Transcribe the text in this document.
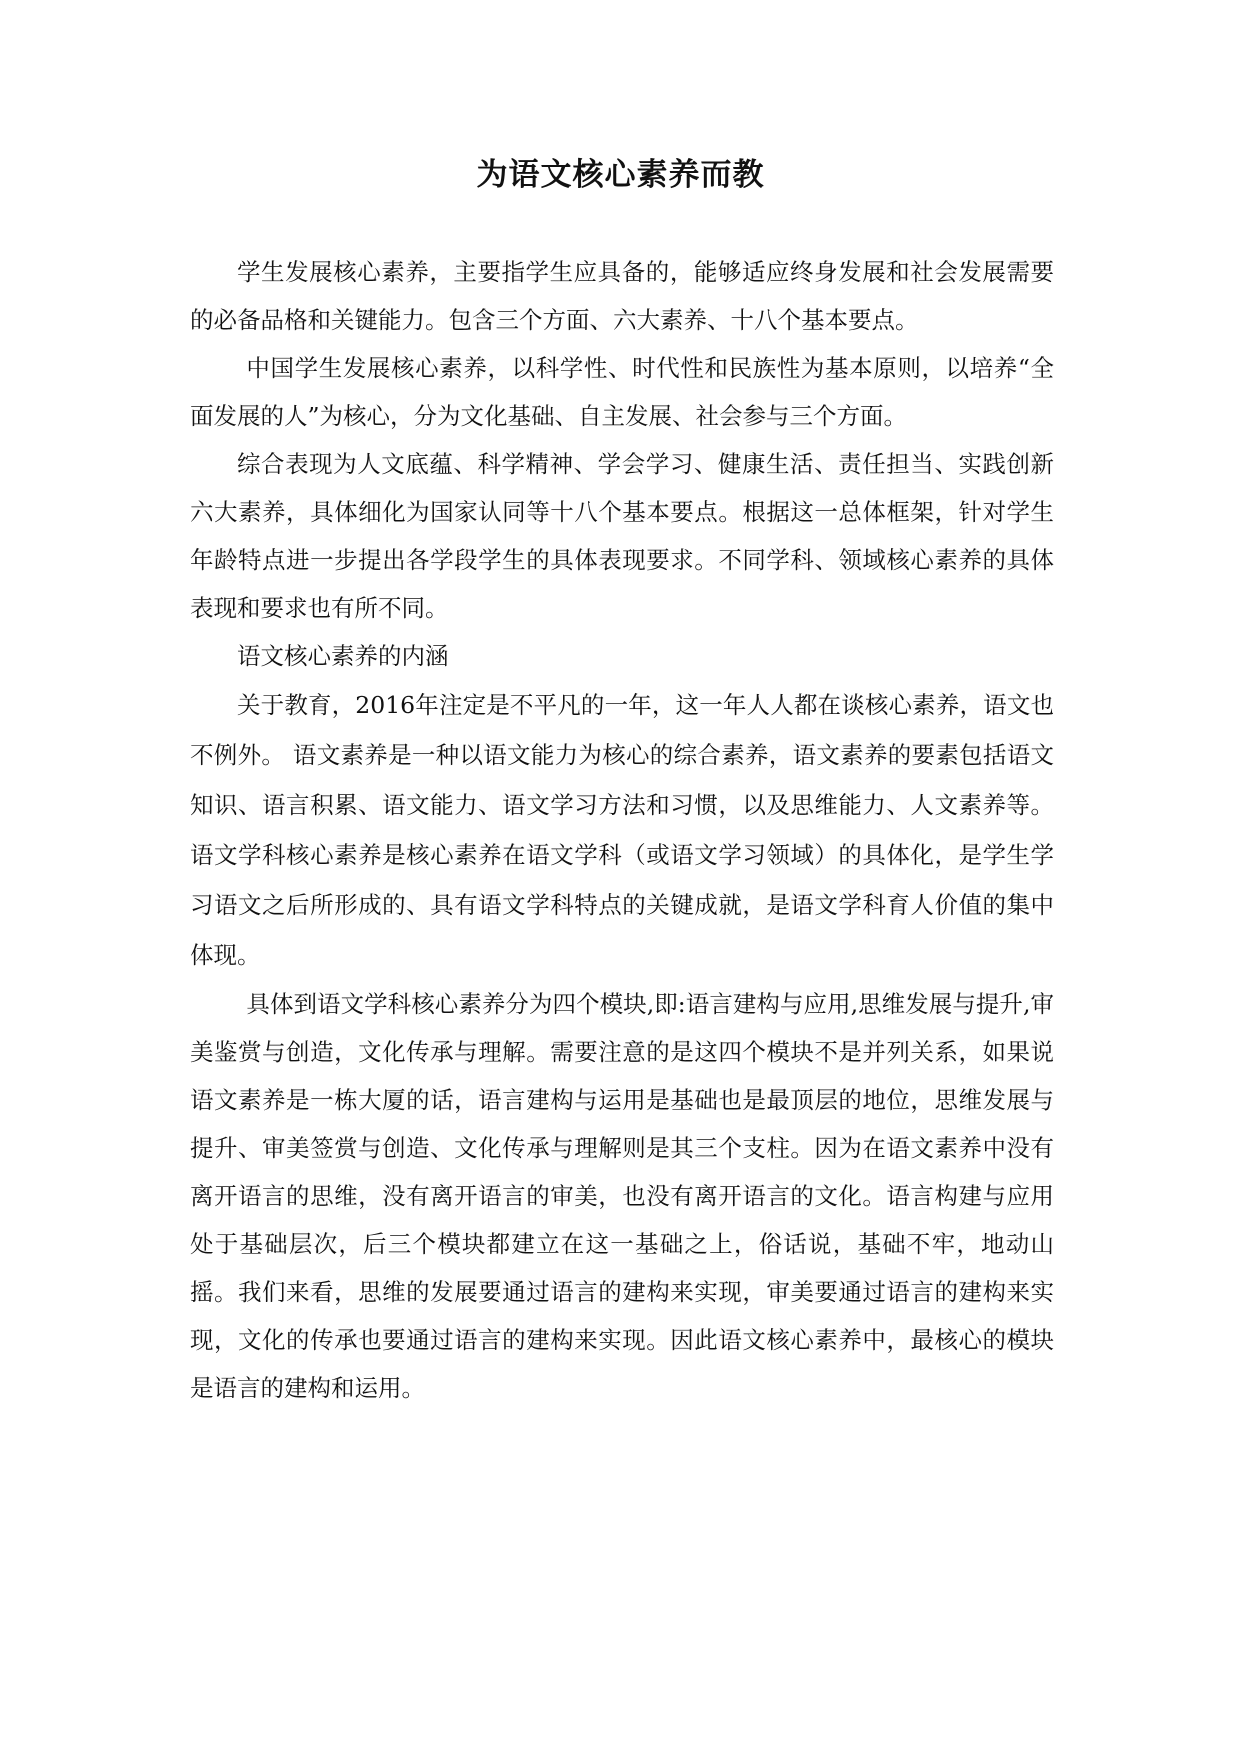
为语文核心素养而教

学生发展核心素养，主要指学生应具备的，能够适应终身发展和社会发展需要的必备品格和关键能力。包含三个方面、六大素养、十八个基本要点。

中国学生发展核心素养，以科学性、时代性和民族性为基本原则，以培养“全面发展的人”为核心，分为文化基础、自主发展、社会参与三个方面。

综合表现为人文底蕴、科学精神、学会学习、健康生活、责任担当、实践创新六大素养，具体细化为国家认同等十八个基本要点。根据这一总体框架，针对学生年龄特点进一步提出各学段学生的具体表现要求。不同学科、领域核心素养的具体表现和要求也有所不同。

语文核心素养的内涵

关于教育，2016年注定是不平凡的一年，这一年人人都在谈核心素养，语文也不例外。 语文素养是一种以语文能力为核心的综合素养，语文素养的要素包括语文知识、语言积累、语文能力、语文学习方法和习惯，以及思维能力、人文素养等。语文学科核心素养是核心素养在语文学科（或语文学习领域）的具体化，是学生学习语文之后所形成的、具有语文学科特点的关键成就，是语文学科育人价值的集中体现。

具体到语文学科核心素养分为四个模块,即:语言建构与应用,思维发展与提升,审美鉴赏与创造，文化传承与理解。需要注意的是这四个模块不是并列关系，如果说语文素养是一栋大厦的话，语言建构与运用是基础也是最顶层的地位，思维发展与提升、审美签赏与创造、文化传承与理解则是其三个支柱。因为在语文素养中没有离开语言的思维，没有离开语言的审美，也没有离开语言的文化。语言构建与应用处于基础层次，后三个模块都建立在这一基础之上，俗话说，基础不牢，地动山摇。我们来看，思维的发展要通过语言的建构来实现，审美要通过语言的建构来实现，文化的传承也要通过语言的建构来实现。因此语文核心素养中，最核心的模块是语言的建构和运用。
